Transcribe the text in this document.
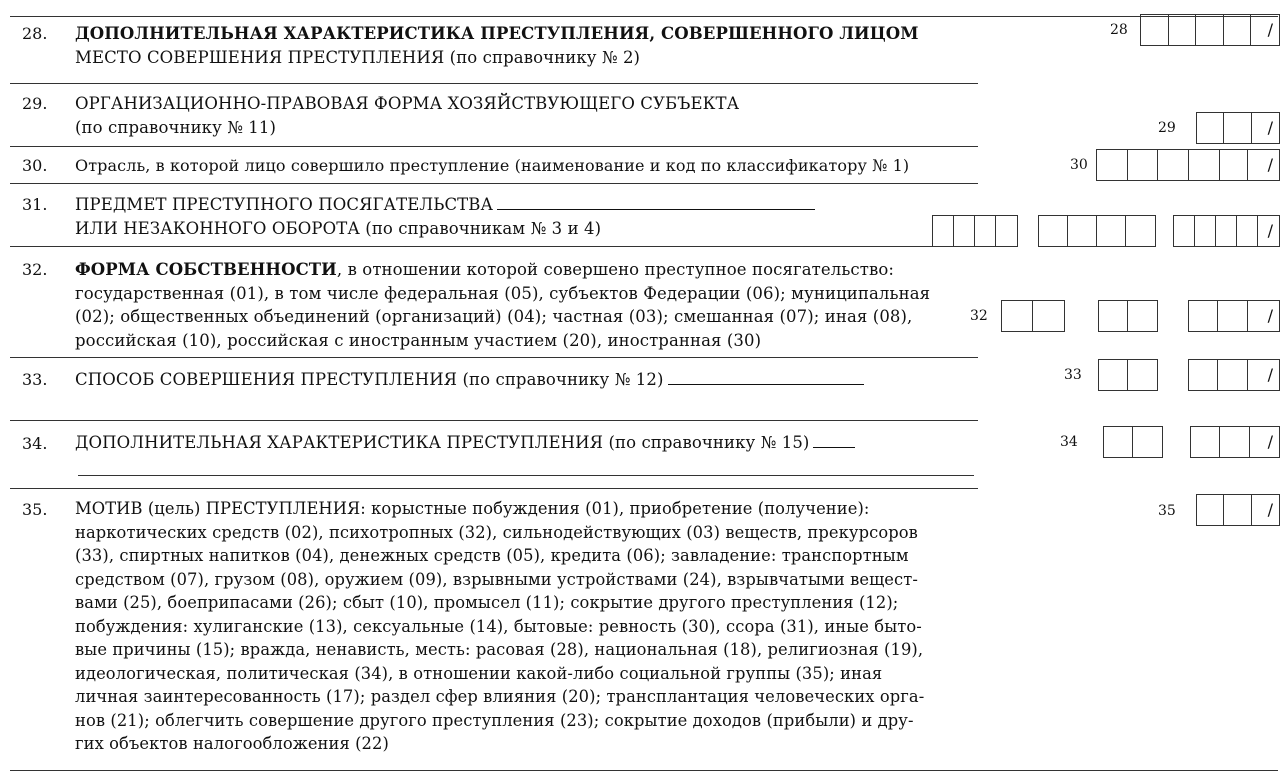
28. ДОПОЛНИТЕЛЬНАЯ ХАРАКТЕРИСТИКА ПРЕСТУПЛЕНИЯ, СОВЕРШЕННОГО ЛИЦОМ
МЕСТО СОВЕРШЕНИЯ ПРЕСТУПЛЕНИЯ (по справочнику № 2)
28
/
29. ОРГАНИЗАЦИОННО-ПРАВОВАЯ ФОРМА ХОЗЯЙСТВУЮЩЕГО СУБЪЕКТА
(по справочнику № 11)	29
/
30. Отрасль, в которой лицо совершило преступление (наименование и код по классификатору № 1)	30
/
31. ПРЕДМЕТ ПРЕСТУПНОГО ПОСЯГАТЕЛЬСТВА
ИЛИ НЕЗАКОННОГО ОБОРОТА (по справочникам № 3 и 4)
/
32. ФОРМА СОБСТВЕННОСТИ, в отношении которой совершено преступное посягательство:
государственная (01), в том числе федеральная (05), субъектов Федерации (06); муниципальная
(02); общественных объединений (организаций) (04); частная (03); смешанная (07); иная (08),
российская (10), российская с иностранным участием (20), иностранная (30)
32
/
33. СПОСОБ СОВЕРШЕНИЯ ПРЕСТУПЛЕНИЯ (по справочнику № 12)	33
/
34. ДОПОЛНИТЕЛЬНАЯ ХАРАКТЕРИСТИКА ПРЕСТУПЛЕНИЯ (по справочнику № 15)	34
/
35. МОТИВ (цель) ПРЕСТУПЛЕНИЯ: корыстные побуждения (01), приобретение (получение):
наркотических средств (02), психотропных (32), сильнодействующих (03) веществ, прекурсоров
(33), спиртных напитков (04), денежных средств (05), кредита (06); завладение: транспортным
средством (07), грузом (08), оружием (09), взрывными устройствами (24), взрывчатыми вещест-
вами (25), боеприпасами (26); сбыт (10), промысел (11); сокрытие другого преступления (12);
побуждения: хулиганские (13), сексуальные (14), бытовые: ревность (30), ссора (31), иные быто-
вые причины (15); вражда, ненависть, месть: расовая (28), национальная (18), религиозная (19),
идеологическая, политическая (34), в отношении какой-либо социальной группы (35); иная
личная заинтересованность (17); раздел сфер влияния (20); трансплантация человеческих орга-
нов (21); облегчить совершение другого преступления (23); сокрытие доходов (прибыли) и дру-
гих объектов налогообложения (22)
35
/
